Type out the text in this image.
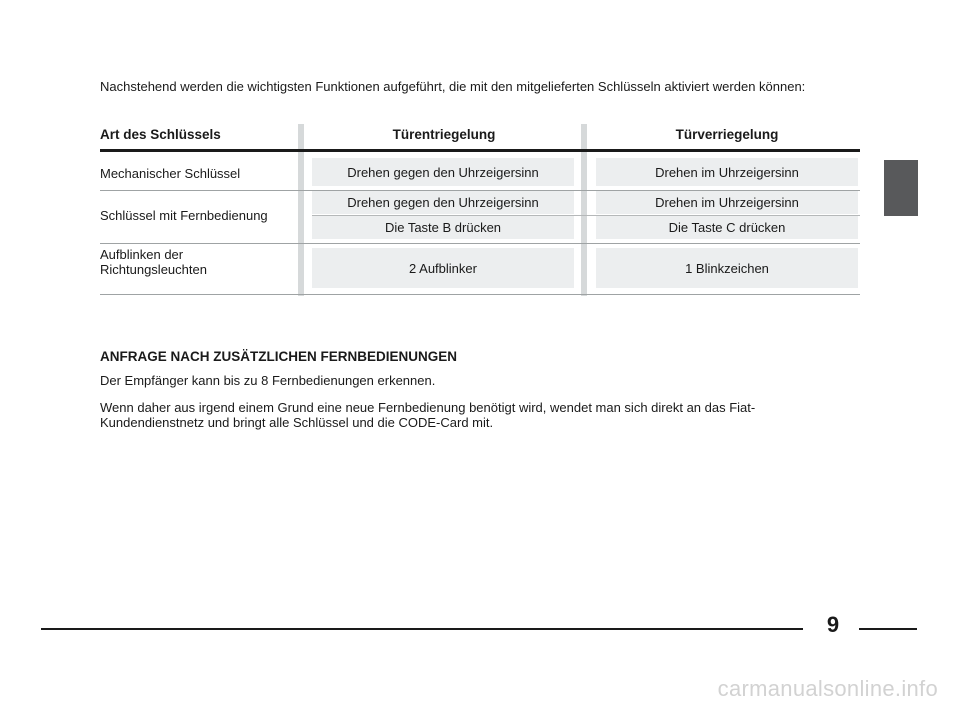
Nachstehend werden die wichtigsten Funktionen aufgeführt, die mit den mitgelieferten Schlüsseln aktiviert werden können:

Art des Schlüssels	Türentriegelung	Türverriegelung
Mechanischer Schlüssel	Drehen gegen den Uhrzeigersinn	Drehen im Uhrzeigersinn
Schlüssel mit Fernbedienung
Drehen gegen den Uhrzeigersinn	Drehen im Uhrzeigersinn
Die Taste B drücken	Die Taste C drücken
Aufblinken der Richtungsleuchten	2 Aufblinker	1 Blinkzeichen
ANFRAGE NACH ZUSÄTZLICHEN FERNBEDIENUNGEN

Der Empfänger kann bis zu 8 Fernbedienungen erkennen.

Wenn daher aus irgend einem Grund eine neue Fernbedienung benötigt wird, wendet man sich direkt an das Fiat-Kundendienstnetz und bringt alle Schlüssel und die CODE-Card mit.

9
carmanualsonline.info
